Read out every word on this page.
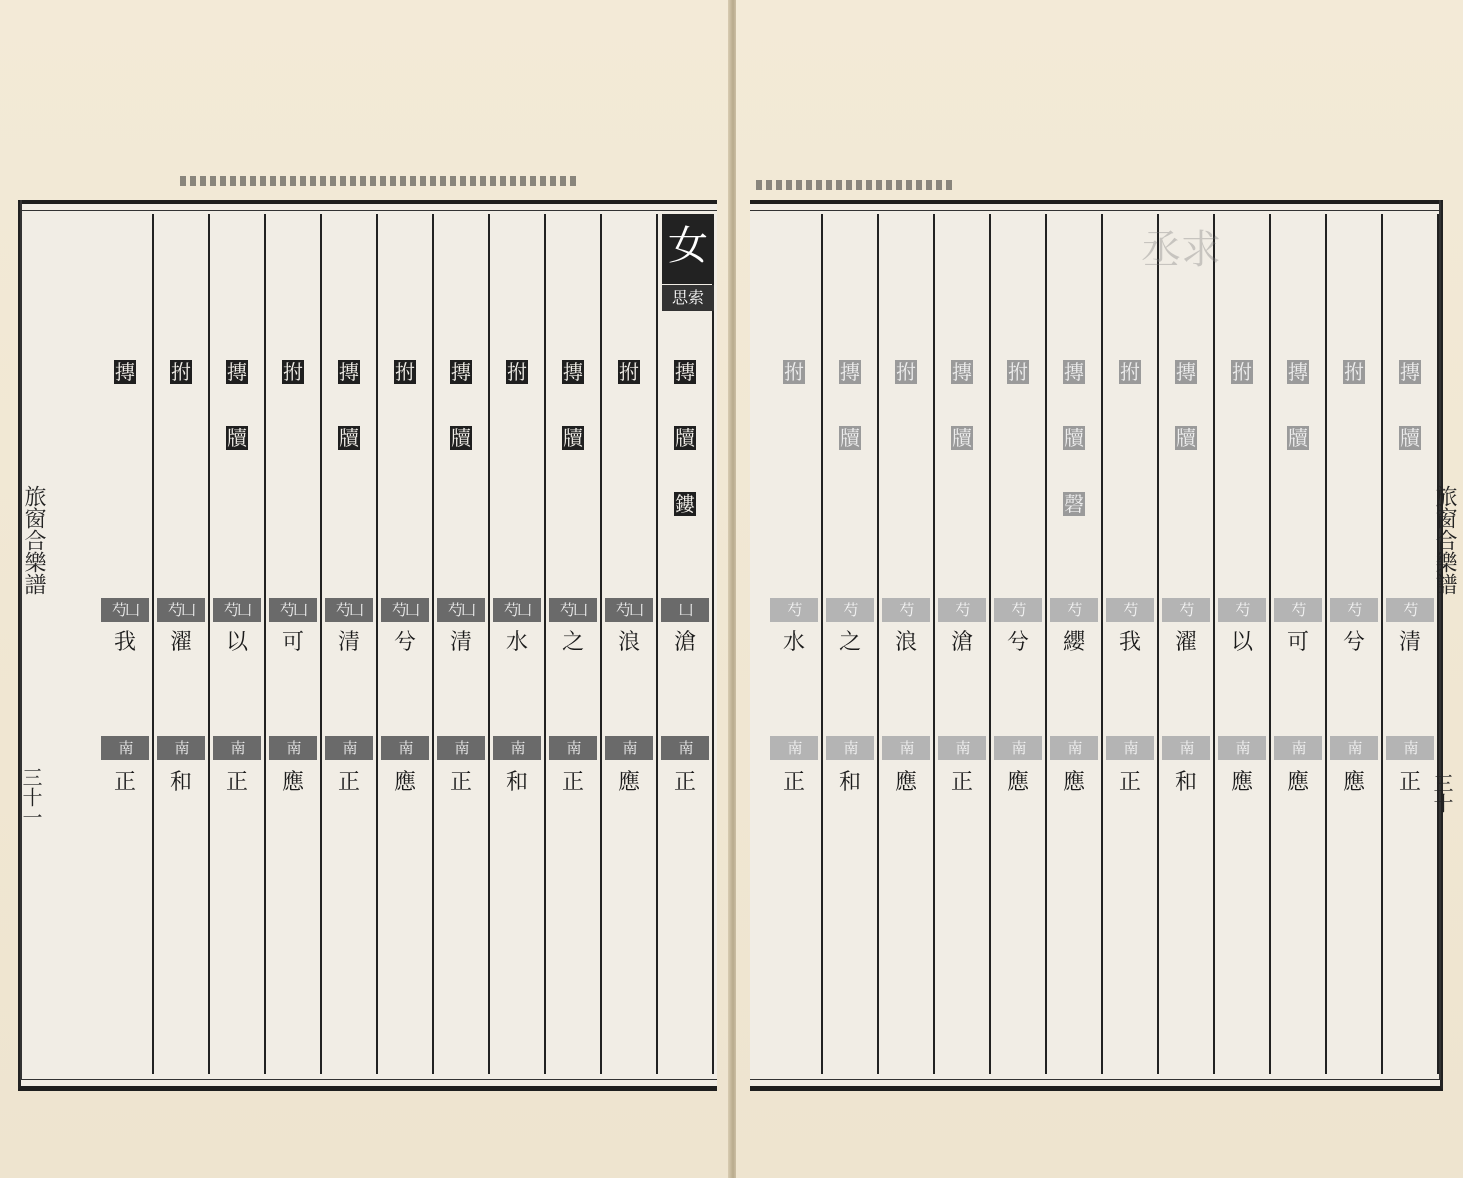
摶
牘
鏤
凵
滄
南
正
拊
芍凵
浪
南
應
摶
牘
芍凵
之
南
正
拊
芍凵
水
南
和
摶
牘
芍凵
清
南
正
拊
芍凵
兮
南
應
摶
牘
芍凵
清
南
正
拊
芍凵
可
南
應
摶
牘
芍凵
以
南
正
拊
芍凵
濯
南
和
摶
芍凵
我
南
正
女
思索
旅窗合樂譜
三十一
摶
牘
芍
清
南
正
拊
芍
兮
南
應
摶
牘
芍
可
南
應
拊
芍
以
南
應
摶
牘
芍
濯
南
和
拊
芍
我
南
正
摶
牘
磬
芍
纓
南
應
拊
芍
兮
南
應
摶
牘
芍
滄
南
正
拊
芍
浪
南
應
摶
牘
芍
之
南
和
拊
芍
水
南
正
丞求
旅窗合樂譜
三十
